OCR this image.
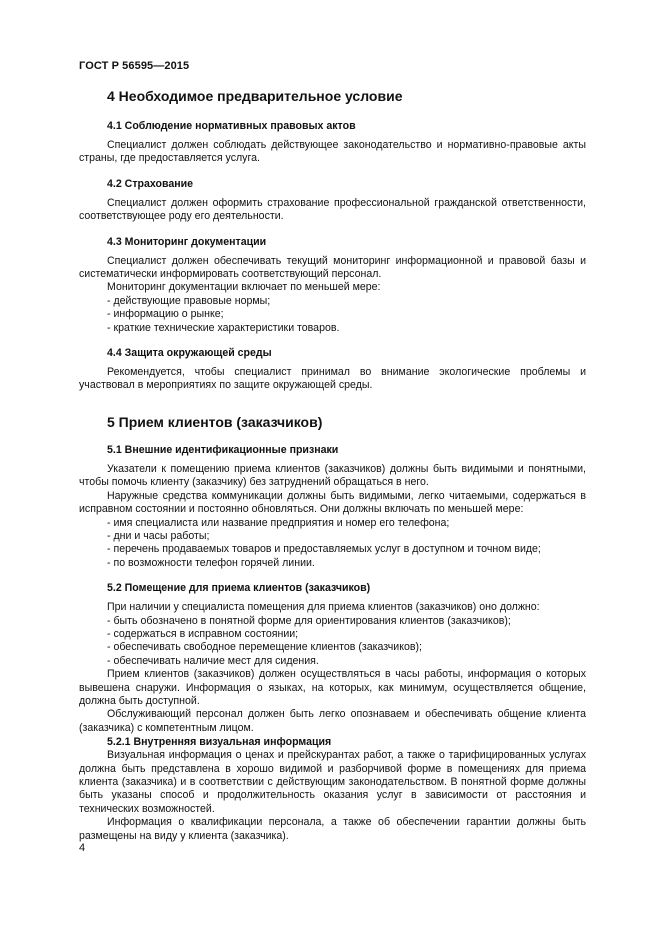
ГОСТ Р 56595—2015
4 Необходимое предварительное условие
4.1 Соблюдение нормативных правовых актов
Специалист должен соблюдать действующее законодательство и нормативно-правовые акты страны, где предоставляется услуга.
4.2 Страхование
Специалист должен оформить страхование профессиональной гражданской ответственности, соответствующее роду его деятельности.
4.3 Мониторинг документации
Специалист должен обеспечивать текущий мониторинг информационной и правовой базы и систематически информировать соответствующий персонал.
Мониторинг документации включает по меньшей мере:
- действующие правовые нормы;
- информацию о рынке;
- краткие технические характеристики товаров.
4.4 Защита окружающей среды
Рекомендуется, чтобы специалист принимал во внимание экологические проблемы и участвовал в мероприятиях по защите окружающей среды.
5 Прием клиентов (заказчиков)
5.1 Внешние идентификационные признаки
Указатели к помещению приема клиентов (заказчиков) должны быть видимыми и понятными, чтобы помочь клиенту (заказчику) без затруднений обращаться в него.
Наружные средства коммуникации должны быть видимыми, легко читаемыми, содержаться в исправном состоянии и постоянно обновляться. Они должны включать по меньшей мере:
- имя специалиста или название предприятия и номер его телефона;
- дни и часы работы;
- перечень продаваемых товаров и предоставляемых услуг в доступном и точном виде;
- по возможности телефон горячей линии.
5.2 Помещение для приема клиентов (заказчиков)
При наличии у специалиста помещения для приема клиентов (заказчиков) оно должно:
- быть обозначено в понятной форме для ориентирования клиентов (заказчиков);
- содержаться в исправном состоянии;
- обеспечивать свободное перемещение клиентов (заказчиков);
- обеспечивать наличие мест для сидения.
Прием клиентов (заказчиков) должен осуществляться в часы работы, информация о которых вывешена снаружи. Информация о языках, на которых, как минимум, осуществляется общение, должна быть доступной.
Обслуживающий персонал должен быть легко опознаваем и обеспечивать общение клиента (заказчика) с компетентным лицом.
5.2.1 Внутренняя визуальная информация
Визуальная информация о ценах и прейскурантах работ, а также о тарифицированных услугах должна быть представлена в хорошо видимой и разборчивой форме в помещениях для приема клиента (заказчика) и в соответствии с действующим законодательством. В понятной форме должны быть указаны способ и продолжительность оказания услуг в зависимости от расстояния и технических возможностей.
Информация о квалификации персонала, а также об обеспечении гарантии должны быть размещены на виду у клиента (заказчика).
4
